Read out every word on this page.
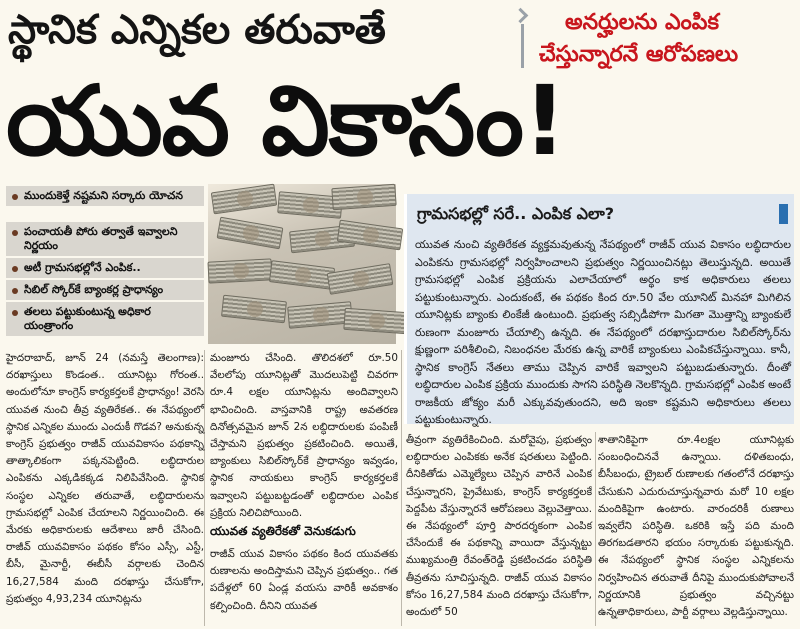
స్థానిక ఎన్నికల తరువాతే	అనర్హులను ఎంపిక
చేస్తున్నారనే ఆరోపణలు
యువ వికాసం!
ముందుకెళ్తే నష్టమని సర్కారు యోచన
పంచాయతీ పోరు తర్వాతే ఇవ్వాలని నిర్ణయం
అటీ గ్రామసభల్లోనే ఎంపిక..
సిబిల్ స్కోర్‌కే బ్యాంకర్ల ప్రాధాన్యం
తలలు పట్టుకుంటున్న అధికార యంత్రాంగం
గ్రామసభల్లో సరే.. ఎంపిక ఎలా?
యువత నుంచి వ్యతిరేకత వ్యక్తమవుతున్న నేపథ్యంలో రాజీవ్ యువ వికాసం లబ్ధిదారుల ఎంపికను గ్రామసభల్లో నిర్వహించాలని ప్రభుత్వం నిర్ణయించినట్లు తెలుస్తున్నది. అయితే గ్రామసభల్లో ఎంపిక ప్రక్రియను ఎలాచేయాలో అర్థం కాక అధికారులు తలలు పట్టుకుంటున్నారు. ఎందుకంటే, ఈ పథకం కింద రూ.50 వేల యూనిట్ మినహా మిగిలిన యూనిట్లకు బ్యాంకు లింకేజీ ఉంటుంది. ప్రభుత్వ సబ్సిడీపోగా మిగతా మొత్తాన్ని బ్యాంకులే రుణంగా మంజూరు చేయాల్సి ఉన్నది. ఈ నేపథ్యంలో దరఖాస్తుదారుల సిబిల్‌స్కోర్‌ను క్షుణ్ణంగా పరిశీలించి, నిబంధనల మేరకు ఉన్న వారికే బ్యాంకులు ఎంపికచేస్తున్నాయి. కానీ, స్థానిక కాంగ్రెస్ నేతలు తాము చెప్పిన వారికే ఇవ్వాలని పట్టుబడుతున్నారు. దీంతో లబ్ధిదారుల ఎంపిక ప్రక్రియ ముందుకు సాగని పరిస్థితి నెలకొన్నది. గ్రామసభల్లో ఎంపిక అంటే రాజకీయ జోక్యం మరీ ఎక్కువవుతుందని, అది ఇంకా కష్టమని అధికారులు తలలు పట్టుకుంటున్నారు.
హైదరాబాద్, జూన్ 24 (నమస్తే తెలంగాణ): దరఖాస్తులు కొండంత.. యూనిట్లు గోరంత.. అందులోనూ కాంగ్రెస్ కార్యకర్తలకే ప్రాధాన్యం! వెరసి యువత నుంచి తీవ్ర వ్యతిరేకత.. ఈ నేపథ్యంలో స్థానిక ఎన్నికల ముందు ఎందుకీ గొడవ? అనుకున్న కాంగ్రెస్ ప్రభుత్వం రాజీవ్ యువవికాసం పథకాన్ని తాత్కాలికంగా పక్కనపెట్టింది. లబ్ధిదారుల ఎంపికను ఎక్కడికక్కడ నిలిపివేసింది. స్థానిక సంస్థల ఎన్నికల తరువాతే, లబ్ధిదారులను గ్రామసభల్లో ఎంపిక చేయాలని నిర్ణయించింది. ఈ మేరకు అధికారులకు ఆదేశాలు జారీ చేసింది. రాజీవ్ యువవికాసం పథకం కోసం ఎస్సీ, ఎస్టీ, బీసీ, మైనార్టీ, ఈబీసీ వర్గాలకు చెందిన 16,27,584 మంది దరఖాస్తు చేసుకోగా, ప్రభుత్వం 4,93,234 యూనిట్లను
మంజూరు చేసింది. తొలిదశలో రూ.50 వేలలోపు యూనిట్లతో మొదలుపెట్టి చివరగా రూ.4 లక్షల యూనిట్లను అందివ్వాలని భావించింది. వాస్తవానికి రాష్ట్ర అవతరణ దినోత్సవమైన జూన్ 2న లబ్ధిదారులకు పంపిణీ చేస్తామని ప్రభుత్వం ప్రకటించింది. అయితే, బ్యాంకులు సిబిల్‌స్కోర్‌కే ప్రాధాన్యం ఇవ్వడం, స్థానిక నాయకులు కాంగ్రెస్ కార్యకర్తలకే ఇవ్వాలని పట్టుబట్టడంతో లబ్ధిదారుల ఎంపిక ప్రక్రియ నిలిచిపోయింది.
యువత వ్యతిరేకతో వెనుకడుగు
రాజీవ్ యువ వికాసం పథకం కింద యువతకు రుణాలను అందిస్తామని చెప్పిన ప్రభుత్వం.. గత పదేళ్లలో 60 ఏండ్ల వయసు వారికీ అవకాశం కల్పించింది. దీనిని యువత
తీవ్రంగా వ్యతిరేకించింది. మరోవైపు, ప్రభుత్వం లబ్ధిదారుల ఎంపికకు అనేక షరతులు పెట్టింది. దీనికితోడు ఎమ్మెల్యేలు చెప్పిన వారినే ఎంపిక చేస్తున్నారని, ప్రైవేటుకు, కాంగ్రెస్ కార్యకర్తలకే పెద్దపీట వేస్తున్నారనే ఆరోపణలు వెల్లువెత్తాయి. ఈ నేపథ్యంలో పూర్తి పారదర్శకంగా ఎంపిక చేసేందుకే ఈ పథకాన్ని వాయిదా వేస్తున్నట్టు ముఖ్యమంత్రి రేవంత్‌రెడ్డి ప్రకటించడం పరిస్థితి తీవ్రతను సూచిస్తున్నది. రాజీవ్ యువ వికాసం కోసం 16,27,584 మంది దరఖాస్తు చేసుకోగా, అందులో 50
శాతానికిపైగా రూ.4లక్షల యూనిట్లకు సంబంధించినవే ఉన్నాయి. దళితబంధు, బీసీబంధు, ట్రైబల్ రుణాలకు గతంలోనే దరఖాస్తు చేసుకుని ఎదురుచూస్తున్నవారు మరో 10 లక్షల మందికిపైగా ఉంటారు. వారందరికీ రుణాలు ఇవ్వలేని పరిస్థితి. ఒకరికి ఇస్తే పది మంది తిరగబడతారని భయం సర్కారుకు పట్టుకున్నది. ఈ నేపథ్యంలో స్థానిక సంస్థల ఎన్నికలను నిర్వహించిన తరువాతే దీనిపై ముందుకుపోవాలనే నిర్ణయానికి ప్రభుత్వం వచ్చినట్టు ఉన్నతాధికారులు, పార్టీ వర్గాలు వెల్లడిస్తున్నాయి.
